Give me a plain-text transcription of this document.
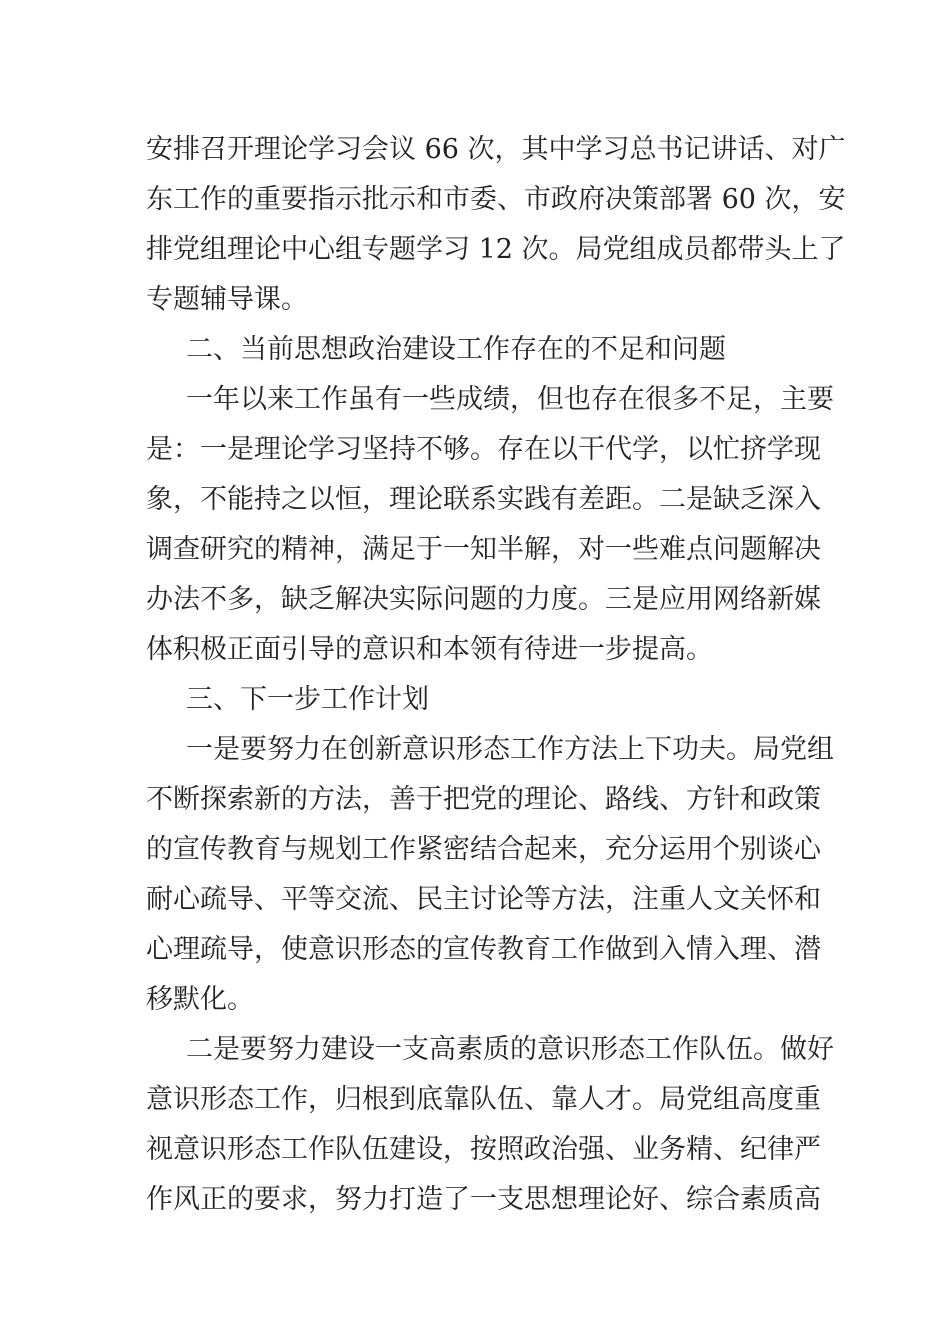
安排召开理论学习会议 66 次，其中学习总书记讲话、对广
东工作的重要指示批示和市委、市政府决策部署 60 次，安
排党组理论中心组专题学习 12 次。局党组成员都带头上了
专题辅导课。
二、当前思想政治建设工作存在的不足和问题
一年以来工作虽有一些成绩，但也存在很多不足，主要
是：一是理论学习坚持不够。存在以干代学，以忙挤学现
象，不能持之以恒，理论联系实践有差距。二是缺乏深入
调查研究的精神，满足于一知半解，对一些难点问题解决
办法不多，缺乏解决实际问题的力度。三是应用网络新媒
体积极正面引导的意识和本领有待进一步提高。
三、下一步工作计划
一是要努力在创新意识形态工作方法上下功夫。局党组
不断探索新的方法，善于把党的理论、路线、方针和政策
的宣传教育与规划工作紧密结合起来，充分运用个别谈心
耐心疏导、平等交流、民主讨论等方法，注重人文关怀和
心理疏导，使意识形态的宣传教育工作做到入情入理、潜
移默化。
二是要努力建设一支高素质的意识形态工作队伍。做好
意识形态工作，归根到底靠队伍、靠人才。局党组高度重
视意识形态工作队伍建设，按照政治强、业务精、纪律严
作风正的要求，努力打造了一支思想理论好、综合素质高
